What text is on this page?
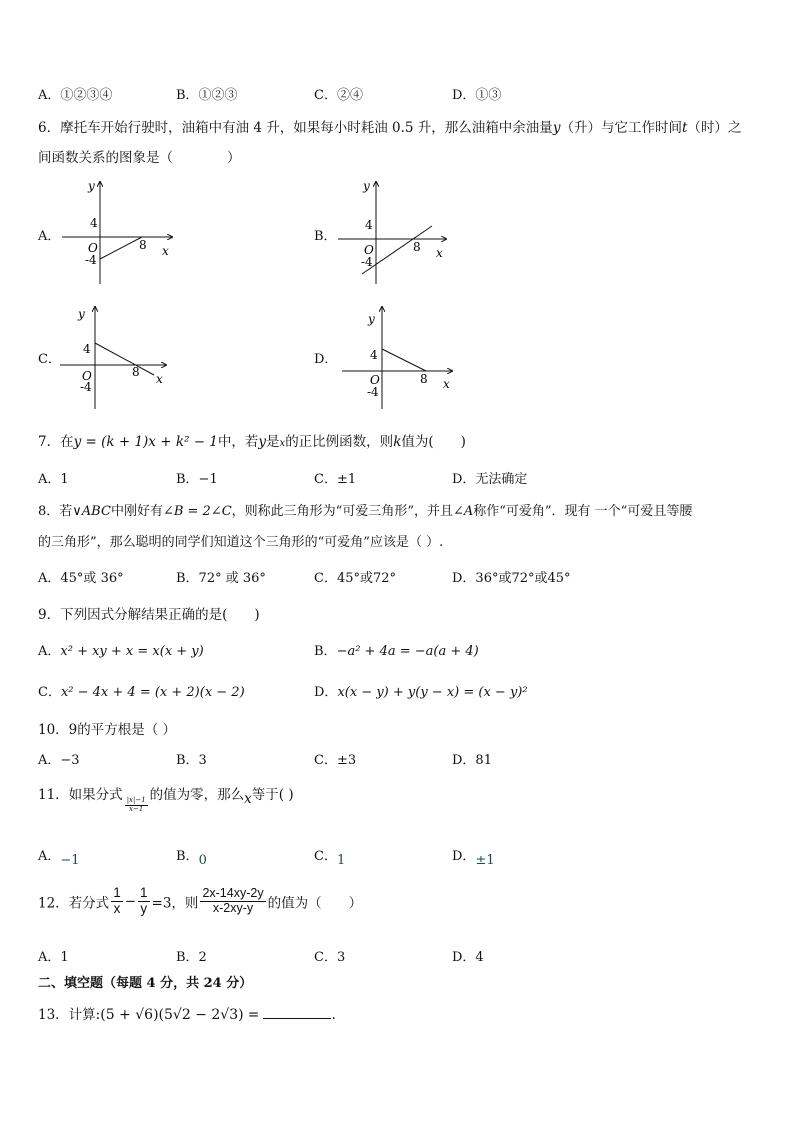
A．①②③④	B．①②③	C．②④	D．①③
6．摩托车开始行驶时，油箱中有油 4 升，如果每小时耗油 0.5 升，那么油箱中余油量y（升）与它工作时间t（时）之
间函数关系的图象是（　　　　）
A．
y
4
O
-4
8 x
B．
y
4
O
-4
8 x
C．
y
4
O
-4
8 x
D．
y
4
O
-4
8 x
7．在y = (k + 1)x + k² − 1中，若y是x的正比例函数，则k值为(　　)
A．1	B．−1	C．±1	D．无法确定
8．若∨ABC中刚好有∠B = 2∠C，则称此三角形为“可爱三角形”，并且∠A称作“可爱角”．现有 一个“可爱且等腰
的三角形”，那么聪明的同学们知道这个三角形的“可爱角”应该是（ ）.
A．45°或 36°	B．72° 或 36°	C．45°或72°	D．36°或72°或45°
9．下列因式分解结果正确的是(　　)
A．x² + xy + x = x(x + y)	B．−a² + 4a = −a(a + 4)
C．x² − 4x + 4 = (x + 2)(x − 2)	D．x(x − y) + y(y − x) = (x − y)²
10．9的平方根是（ ）
A．−3	B．3	C．±3	D．81
11．如果分式
$\frac{|x|-1}{x-1}$
的值为零，那么x等于( )
A．−1	B．0	C．1	D．±1
12．若分式 $\frac{1}{x} - \frac{1}{y} =3$，则 $\frac{2x-14xy-2y}{x-2xy-y}$ 的值为（　　）
A．1	B．2	C．3	D．4
二、填空题（每题 4 分，共 24 分）
13．计算:(5 + √6)(5√2 − 2√3) =	.
